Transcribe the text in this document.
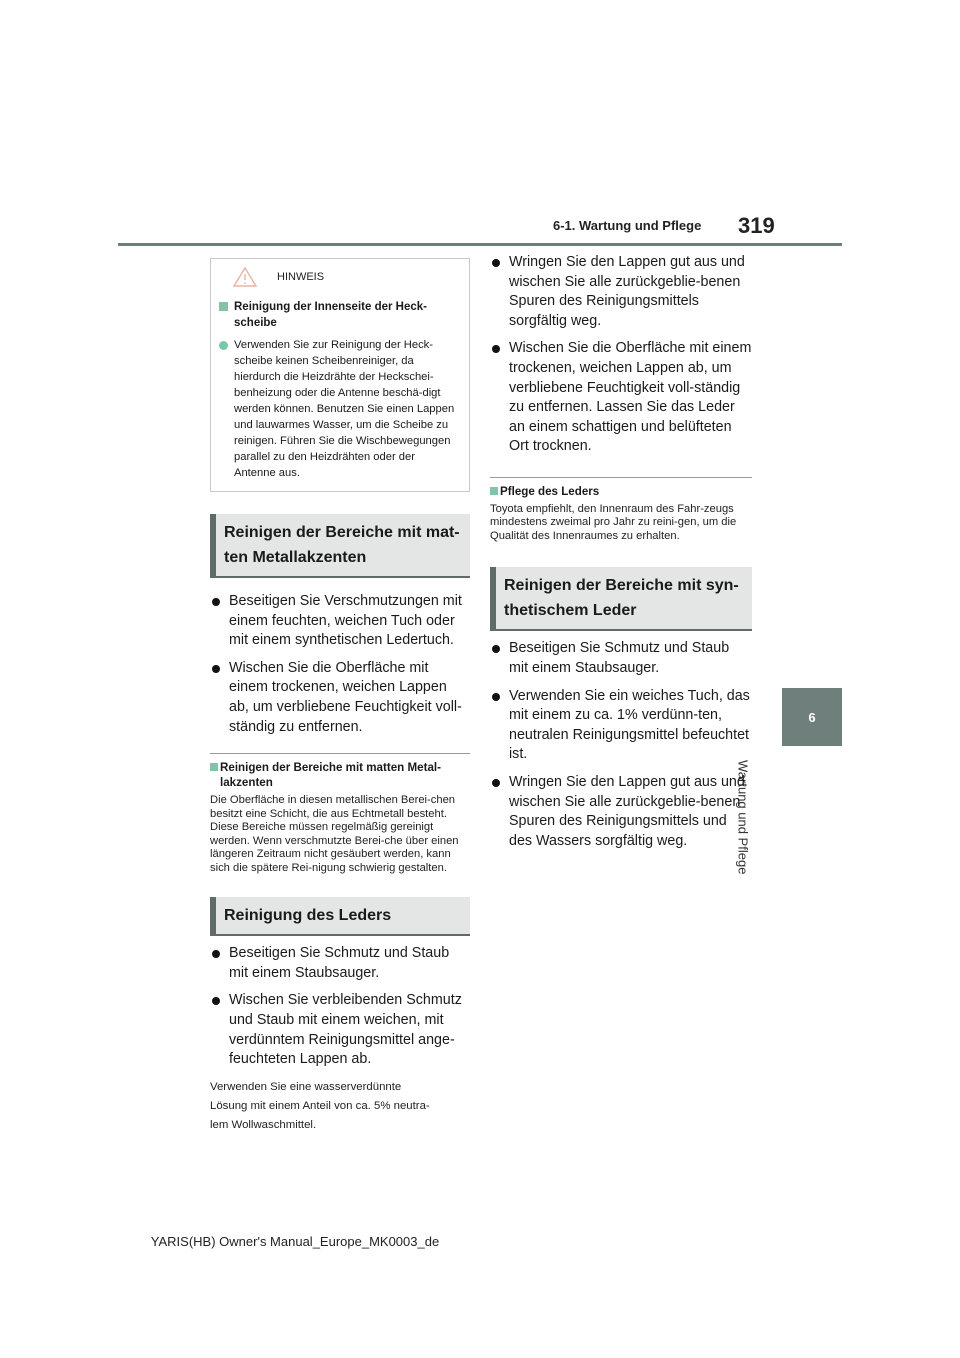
6-1. Wartung und Pflege 319
6
Wartung und Pflege
HINWEIS
Reinigung der Innenseite der Heck-scheibe
Verwenden Sie zur Reinigung der Heck-scheibe keinen Scheibenreiniger, da hierdurch die Heizdrähte der Heckschei-benheizung oder die Antenne beschä-digt werden können. Benutzen Sie einen Lappen und lauwarmes Wasser, um die Scheibe zu reinigen. Führen Sie die Wischbewegungen parallel zu den Heizdrähten oder der Antenne aus.
Reinigen der Bereiche mit mat-ten Metallakzenten
Beseitigen Sie Verschmutzungen mit einem feuchten, weichen Tuch oder mit einem synthetischen Ledertuch.
Wischen Sie die Oberfläche mit einem trockenen, weichen Lappen ab, um verbliebene Feuchtigkeit voll-ständig zu entfernen.
Reinigen der Bereiche mit matten Metal-lakzenten
Die Oberfläche in diesen metallischen Berei-chen besitzt eine Schicht, die aus Echtmetall besteht. Diese Bereiche müssen regelmäßig gereinigt werden. Wenn verschmutzte Berei-che über einen längeren Zeitraum nicht gesäubert werden, kann sich die spätere Rei-nigung schwierig gestalten.
Reinigung des Leders
Beseitigen Sie Schmutz und Staub mit einem Staubsauger.
Wischen Sie verbleibenden Schmutz und Staub mit einem weichen, mit verdünntem Reinigungsmittel ange-feuchteten Lappen ab.
Verwenden Sie eine wasserverdünnte
Lösung mit einem Anteil von ca. 5% neutra-
lem Wollwaschmittel.
Wringen Sie den Lappen gut aus und wischen Sie alle zurückgeblie-benen Spuren des Reinigungsmittels sorgfältig weg.
Wischen Sie die Oberfläche mit einem trockenen, weichen Lappen ab, um verbliebene Feuchtigkeit voll-ständig zu entfernen. Lassen Sie das Leder an einem schattigen und belüfteten Ort trocknen.
Pflege des Leders
Toyota empfiehlt, den Innenraum des Fahr-zeugs mindestens zweimal pro Jahr zu reini-gen, um die Qualität des Innenraumes zu erhalten.
Reinigen der Bereiche mit syn-thetischem Leder
Beseitigen Sie Schmutz und Staub mit einem Staubsauger.
Verwenden Sie ein weiches Tuch, das mit einem zu ca. 1% verdünn-ten, neutralen Reinigungsmittel befeuchtet ist.
Wringen Sie den Lappen gut aus und wischen Sie alle zurückgeblie-benen Spuren des Reinigungsmittels und des Wassers sorgfältig weg.
YARIS(HB) Owner's Manual_Europe_MK0003_de
